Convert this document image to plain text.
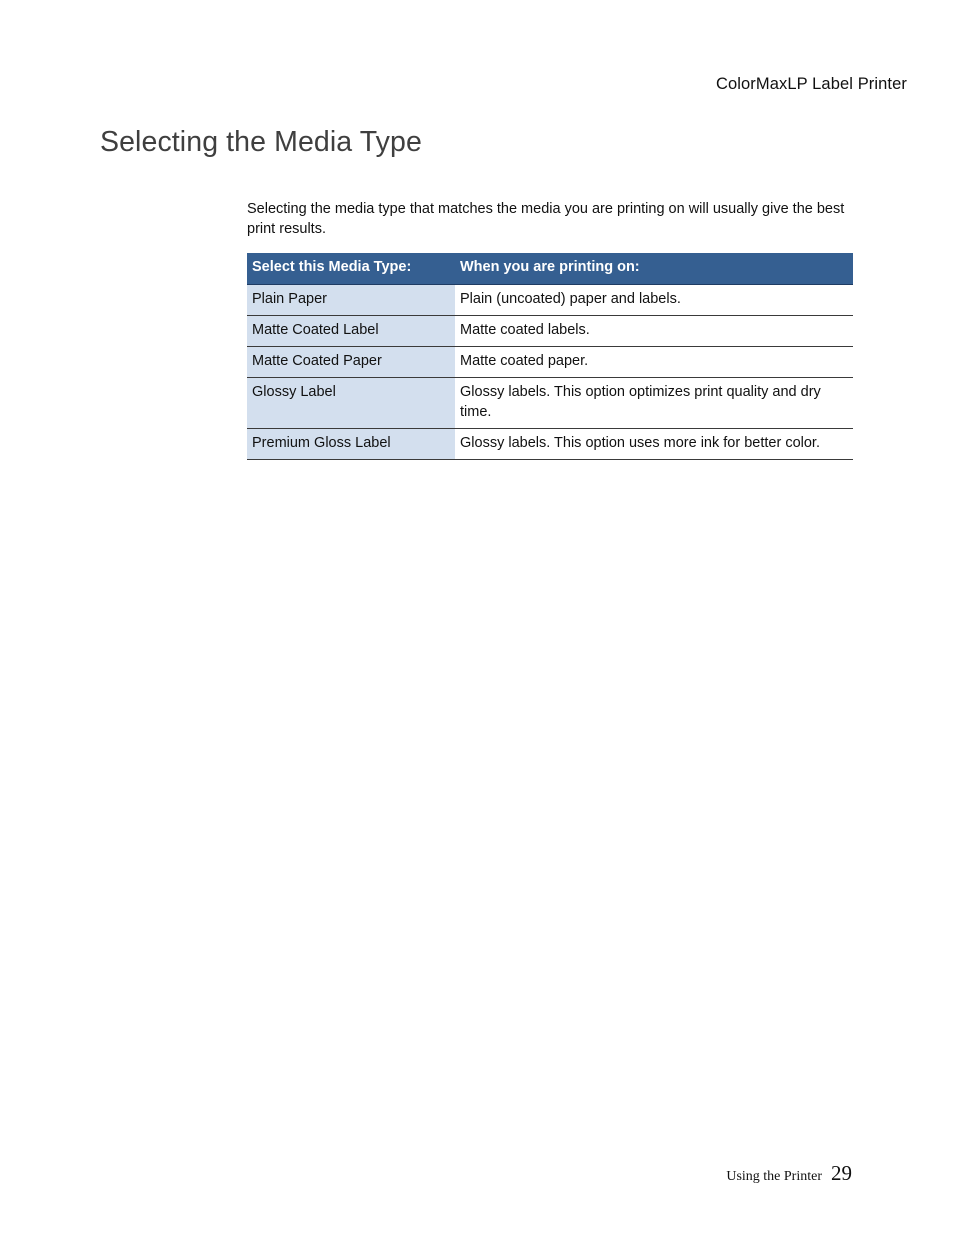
ColorMaxLP Label Printer
Selecting the Media Type

Selecting the media type that matches the media you are printing on will usually give the best print results.

Select this Media Type:	When you are printing on:
Plain Paper	Plain (uncoated) paper and labels.
Matte Coated Label	Matte coated labels.
Matte Coated Paper	Matte coated paper.
Glossy Label	Glossy labels. This option optimizes print quality and dry time.
Premium Gloss Label	Glossy labels. This option uses more ink for better color.
Using the Printer 29
